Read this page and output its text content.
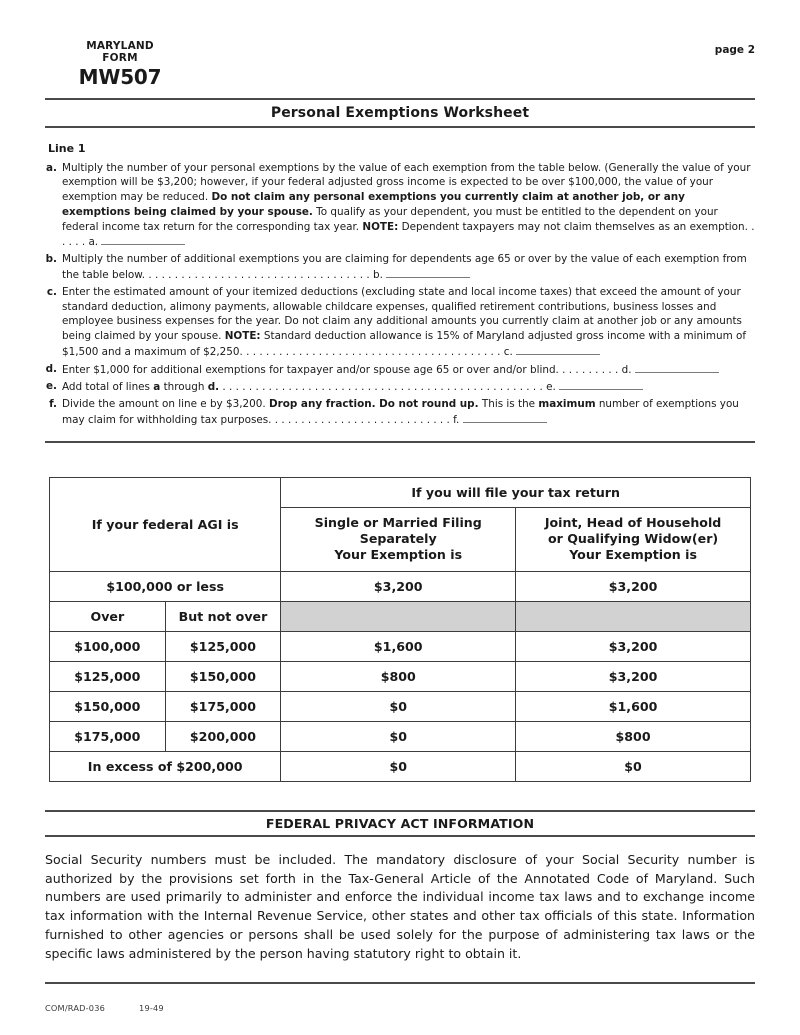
MARYLAND
FORM
MW507
page 2
Personal Exemptions Worksheet
Line 1
a. Multiply the number of your personal exemptions by the value of each exemption from the table below. (Generally the value of your exemption will be $3,200; however, if your federal adjusted gross income is expected to be over $100,000, the value of your exemption may be reduced. Do not claim any personal exemptions you currently claim at another job, or any exemptions being claimed by your spouse. To qualify as your dependent, you must be entitled to the dependent on your federal income tax return for the corresponding tax year. NOTE: Dependent taxpayers may not claim themselves as an exemption. . . . . . a.

b. Multiply the number of additional exemptions you are claiming for dependents age 65 or over by the value of each exemption from the table below. . . . . . . . . . . . . . . . . . . . . . . . . . . . . . . . . . . b.

c. Enter the estimated amount of your itemized deductions (excluding state and local income taxes) that exceed the amount of your standard deduction, alimony payments, allowable childcare expenses, qualified retirement contributions, business losses and employee business expenses for the year. Do not claim any additional amounts you currently claim at another job or any amounts being claimed by your spouse. NOTE: Standard deduction allowance is 15% of Maryland adjusted gross income with a minimum of $1,500 and a maximum of $2,250. . . . . . . . . . . . . . . . . . . . . . . . . . . . . . . . . . . . . . . . c.

d. Enter $1,000 for additional exemptions for taxpayer and/or spouse age 65 or over and/or blind. . . . . . . . . . d.

e. Add total of lines a through d. . . . . . . . . . . . . . . . . . . . . . . . . . . . . . . . . . . . . . . . . . . . . . . . . . e.

f. Divide the amount on line e by $3,200. Drop any fraction. Do not round up. This is the maximum number of exemptions you may claim for withholding tax purposes. . . . . . . . . . . . . . . . . . . . . . . . . . . . f.

If your federal AGI is		If you will file your tax return	

Single or Married Filing Separately
Your Exemption is

Joint, Head of Household
or Qualifying Widow(er)
Your Exemption is

$100,000 or less		$3,200	$3,200
Over	But not over		
$100,000	$125,000	$1,600	$3,200
$125,000	$150,000	$800	$3,200
$150,000	$175,000	$0	$1,600
$175,000	$200,000	$0	$800
In excess of $200,000		$0	$0
FEDERAL PRIVACY ACT INFORMATION
Social Security numbers must be included. The mandatory disclosure of your Social Security number is authorized by the provisions set forth in the Tax-General Article of the Annotated Code of Maryland. Such numbers are used primarily to administer and enforce the individual income tax laws and to exchange income tax information with the Internal Revenue Service, other states and other tax officials of this state. Information furnished to other agencies or persons shall be used solely for the purpose of administering tax laws or the specific laws administered by the person having statutory right to obtain it.
COM/RAD-036	19-49
